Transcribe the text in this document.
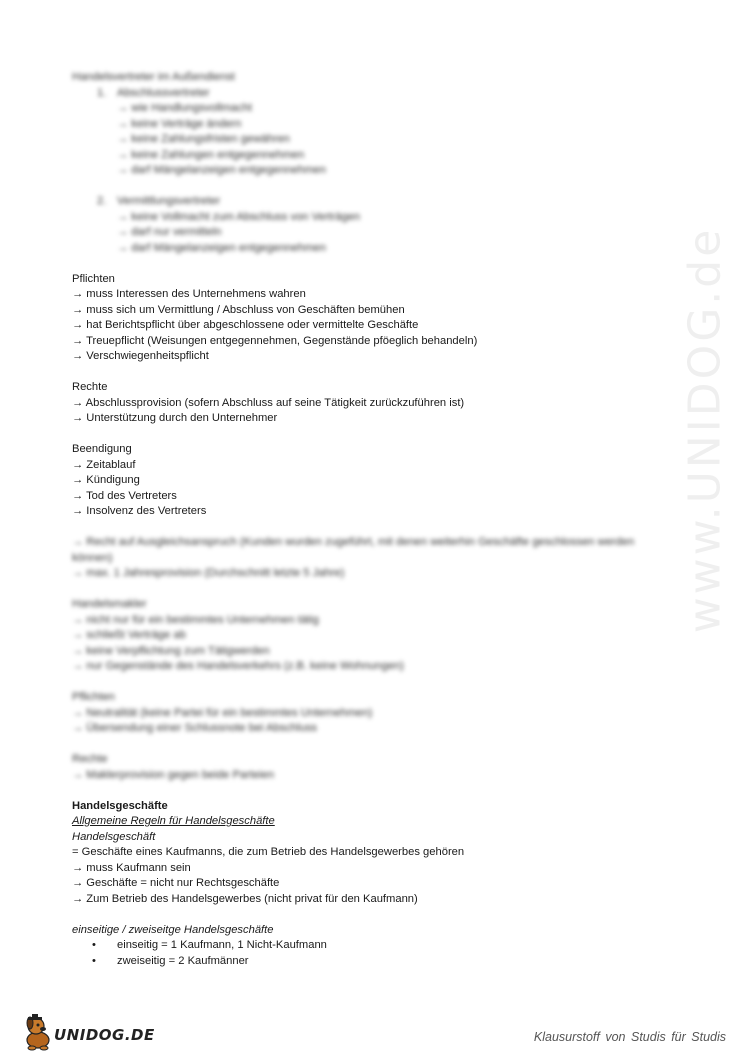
www.UNIDOG.de
Handelsvertreter im Außendienst
1. Abschlussvertreter
→ wie Handlungsvollmacht
→ keine Verträge ändern
→ keine Zahlungsfristen gewähren
→ keine Zahlungen entgegennehmen
→ darf Mängelanzeigen entgegennehmen
2. Vermittlungsvertreter
→ keine Vollmacht zum Abschluss von Verträgen
→ darf nur vermitteln
→ darf Mängelanzeigen entgegennehmen
Pflichten
→ muss Interessen des Unternehmens wahren
→ muss sich um Vermittlung / Abschluss von Geschäften bemühen
→ hat Berichtspflicht über abgeschlossene oder vermittelte Geschäfte
→ Treuepflicht (Weisungen entgegennehmen, Gegenstände pföeglich behandeln)
→ Verschwiegenheitspflicht
Rechte
→ Abschlussprovision (sofern Abschluss auf seine Tätigkeit zurückzuführen ist)
→ Unterstützung durch den Unternehmer
Beendigung
→ Zeitablauf
→ Kündigung
→ Tod des Vertreters
→ Insolvenz des Vertreters
→ Recht auf Ausgleichsanspruch (Kunden wurden zugeführt, mit denen weiterhin Geschäfte geschlossen werden
können)
→ max. 1 Jahresprovision (Durchschnitt letzte 5 Jahre)
Handelsmakler
→ nicht nur für ein bestimmtes Unternehmen tätig
→ schließt Verträge ab
→ keine Verpflichtung zum Tätigwerden
→ nur Gegenstände des Handelsverkehrs (z.B. keine Wohnungen)
Pflichten
→ Neutralität (keine Partei für ein bestimmtes Unternehmen)
→ Übersendung einer Schlussnote bei Abschluss
Rechte
→ Maklerprovision gegen beide Parteien
Handelsgeschäfte
Allgemeine Regeln für Handelsgeschäfte
Handelsgeschäft
= Geschäfte eines Kaufmanns, die zum Betrieb des Handelsgewerbes gehören
→ muss Kaufmann sein
→ Geschäfte = nicht nur Rechtsgeschäfte
→ Zum Betrieb des Handelsgewerbes (nicht privat für den Kaufmann)
einseitige / zweiseitge Handelsgeschäfte
• einseitig = 1 Kaufmann, 1 Nicht-Kaufmann
• zweiseitig = 2 Kaufmänner
UNIDOG.DE	Klausurstoff von Studis für Studis
